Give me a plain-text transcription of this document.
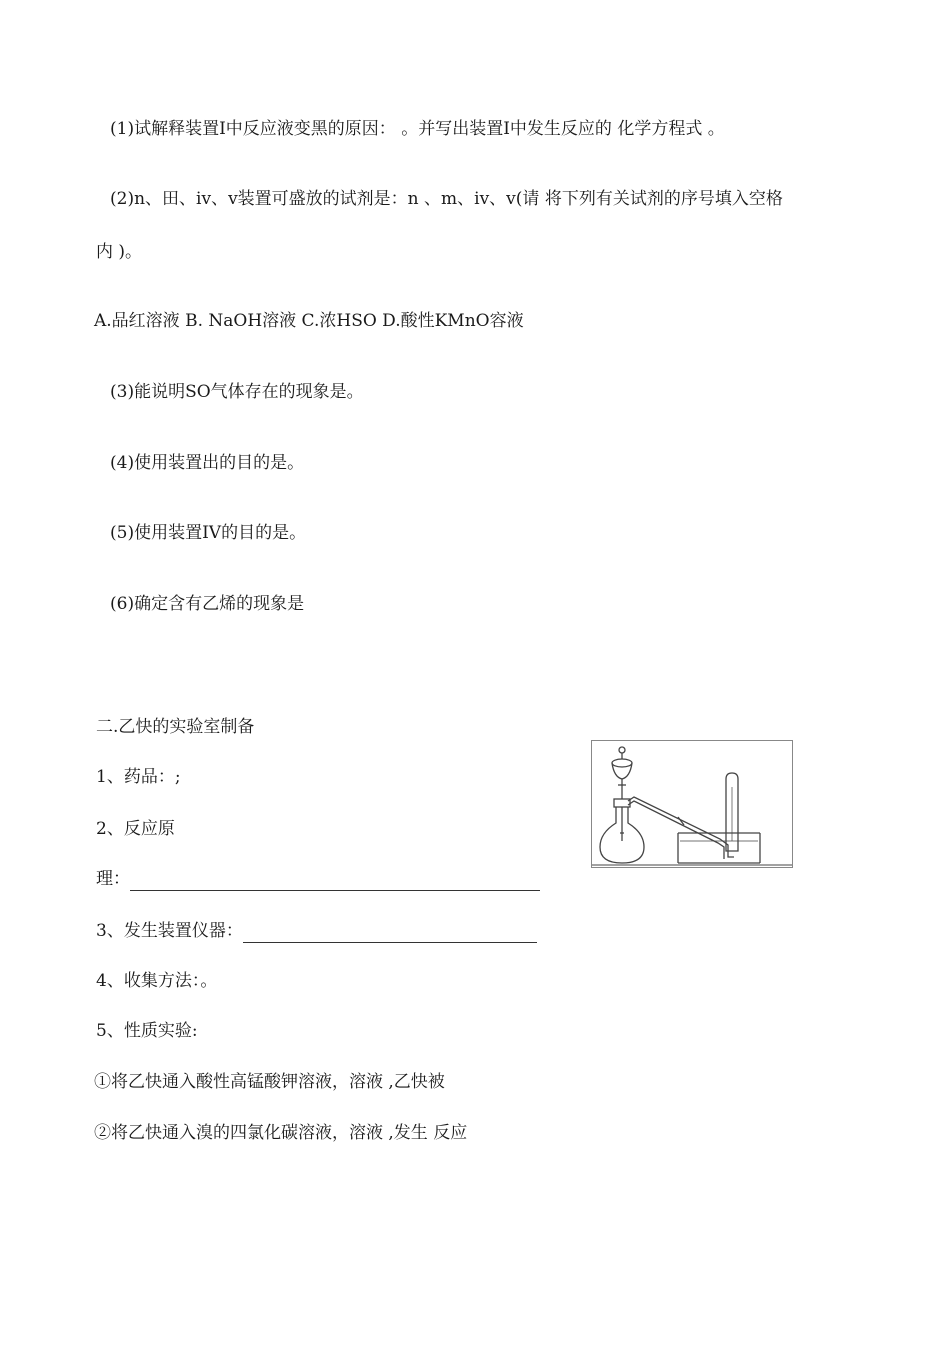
(1)试解释装置Ⅰ中反应液变黑的原因： 。并写出装置Ⅰ中发生反应的 化学方程式 。
(2)n、田、iv、v装置可盛放的试剂是：n 、m、iv、v(请 将下列有关试剂的序号填入空格
内 )。
A.品红溶液 B. NaOH溶液 C.浓HSO D.酸性KMnO容液
(3)能说明SO气体存在的现象是。
(4)使用装置出的目的是。
(5)使用装置IV的目的是。
(6)确定含有乙烯的现象是
二.乙快的实验室制备
1、药品：;
2、反应原
理：
3、发生装置仪器：
4、收集方法：。
5、性质实验:
①将乙快通入酸性高锰酸钾溶液，溶液 ,乙快被
②将乙快通入溴的四氯化碳溶液，溶液 ,发生 反应
